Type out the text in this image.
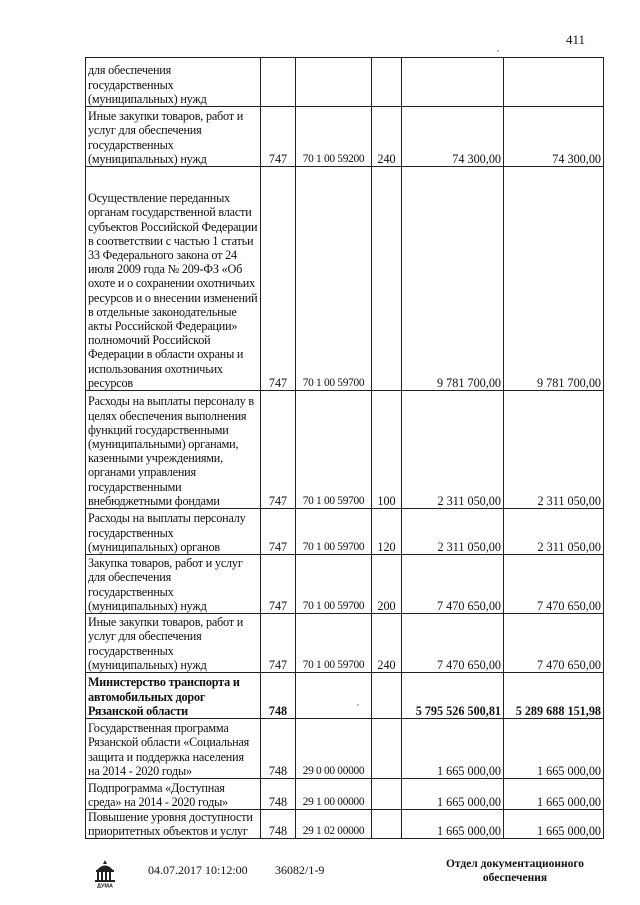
411
для обеспечения государственных (муниципальных) нужд					
Иные закупки товаров, работ и услуг для обеспечения государственных (муниципальных) нужд	747	70 1 00 59200	240	74 300,00	74 300,00
Осуществление переданных органам государственной власти субъектов Российской Федерации в соответствии с частью 1 статьи 33 Федерального закона от 24 июля 2009 года № 209-ФЗ «Об охоте и о сохранении охотничьих ресурсов и о внесении изменений в отдельные законодательные акты Российской Федерации» полномочий Российской Федерации в области охраны и использования охотничьих ресурсов	747	70 1 00 59700		9 781 700,00	9 781 700,00
Расходы на выплаты персоналу в целях обеспечения выполнения функций государственными (муниципальными) органами, казенными учреждениями, органами управления государственными внебюджетными фондами	747	70 1 00 59700	100	2 311 050,00	2 311 050,00
Расходы на выплаты персоналу государственных (муниципальных) органов	747	70 1 00 59700	120	2 311 050,00	2 311 050,00
Закупка товаров, работ и услуг для обеспечения государственных (муниципальных) нужд	747	70 1 00 59700	200	7 470 650,00	7 470 650,00
Иные закупки товаров, работ и услуг для обеспечения государственных (муниципальных) нужд	747	70 1 00 59700	240	7 470 650,00	7 470 650,00
Министерство транспорта и автомобильных дорог Рязанской области	748			5 795 526 500,81	5 289 688 151,98
Государственная программа Рязанской области «Социальная защита и поддержка населения на 2014 - 2020 годы»	748	29 0 00 00000		1 665 000,00	1 665 000,00
Подпрограмма «Доступная среда» на 2014 - 2020 годы»	748	29 1 00 00000		1 665 000,00	1 665 000,00
Повышение уровня доступности приоритетных объектов и услуг	748	29 1 02 00000		1 665 000,00	1 665 000,00
ДУМА
04.07.2017 10:12:00 36082/1-9	Отдел документационного
обеспечения
